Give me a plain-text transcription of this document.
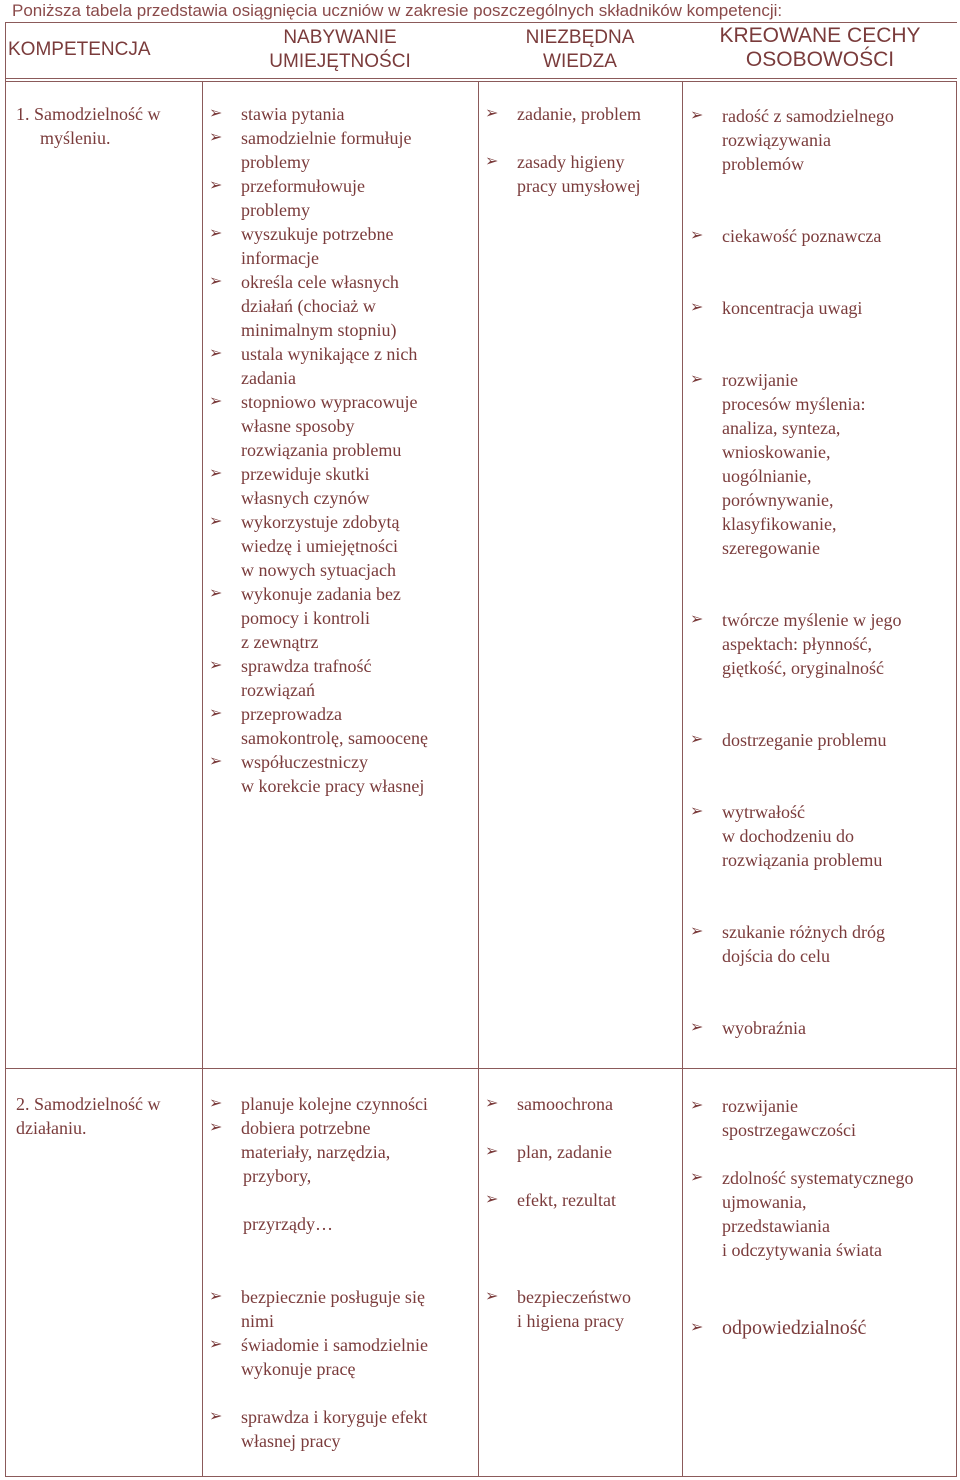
Poniższa tabela przedstawia osiągnięcia uczniów w zakresie poszczególnych składników kompetencji:
KOMPETENCJA
NABYWANIE
UMIEJĘTNOŚCI
NIEZBĘDNA
WIEDZA
KREOWANE CECHY
OSOBOWOŚCI
1. Samodzielność w
myśleniu.
➢ stawia pytania
➢ samodzielnie formułuje
problemy
➢ przeformułowuje
problemy
➢ wyszukuje potrzebne
informacje
➢ określa cele własnych
działań (chociaż w
minimalnym stopniu)
➢ ustala wynikające z nich
zadania
➢ stopniowo wypracowuje
własne sposoby
rozwiązania problemu
➢ przewiduje skutki
własnych czynów
➢ wykorzystuje zdobytą
wiedzę i umiejętności
w nowych sytuacjach
➢ wykonuje zadania bez
pomocy i kontroli
z zewnątrz
➢ sprawdza trafność
rozwiązań
➢ przeprowadza
samokontrolę, samoocenę
➢ współuczestniczy
w korekcie pracy własnej
➢ zadanie, problem
➢ zasady higieny
pracy umysłowej
➢ radość z samodzielnego
rozwiązywania
problemów
➢ ciekawość poznawcza
➢ koncentracja uwagi
➢ rozwijanie
procesów myślenia:
analiza, synteza,
wnioskowanie,
uogólnianie,
porównywanie,
klasyfikowanie,
szeregowanie
➢ twórcze myślenie w jego
aspektach: płynność,
giętkość, oryginalność
➢ dostrzeganie problemu
➢ wytrwałość
w dochodzeniu do
rozwiązania problemu
➢ szukanie różnych dróg
dojścia do celu
➢ wyobraźnia
2. Samodzielność w
działaniu.
➢ planuje kolejne czynności
➢ dobiera potrzebne
materiały, narzędzia,
przybory,
przyrządy…
➢ bezpiecznie posługuje się
nimi
➢ świadomie i samodzielnie
wykonuje pracę
➢ sprawdza i koryguje efekt
własnej pracy
➢ samoochrona
➢ plan, zadanie
➢ efekt, rezultat
➢ bezpieczeństwo
i higiena pracy
➢ rozwijanie
spostrzegawczości
➢ zdolność systematycznego
ujmowania,
przedstawiania
i odczytywania świata
➢ odpowiedzialność
